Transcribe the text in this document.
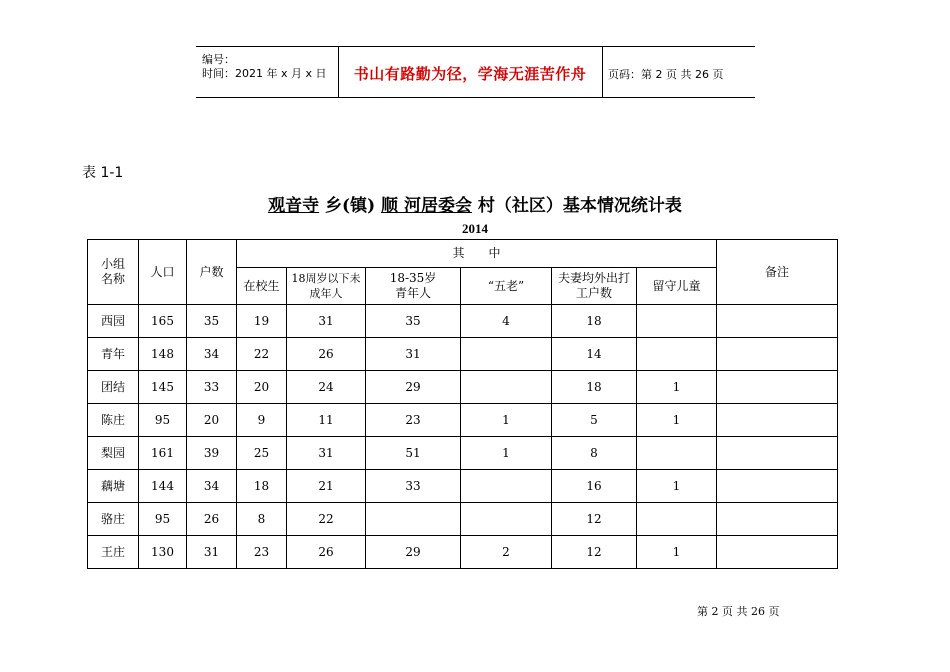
编号：
时间：2021 年 x 月 x 日	书山有路勤为径，学海无涯苦作舟	页码：第 2 页 共 26 页
表 1-1
观音寺 乡(镇) 顺 河居委会 村（社区）基本情况统计表
2014
小组名称	人口	户数	其　　中						备注
			在校生	18周岁以下未成年人	18-35岁青年人	“五老”	夫妻均外出打工户数	留守儿童	
西园	165	35	19	31	35	4	18		
青年	148	34	22	26	31		14		
团结	145	33	20	24	29		18	1	
陈庄	95	20	9	11	23	1	5	1	
梨园	161	39	25	31	51	1	8		
藕塘	144	34	18	21	33		16	1	
骆庄	95	26	8	22			12		
王庄	130	31	23	26	29	2	12	1	
第 2 页 共 26 页
